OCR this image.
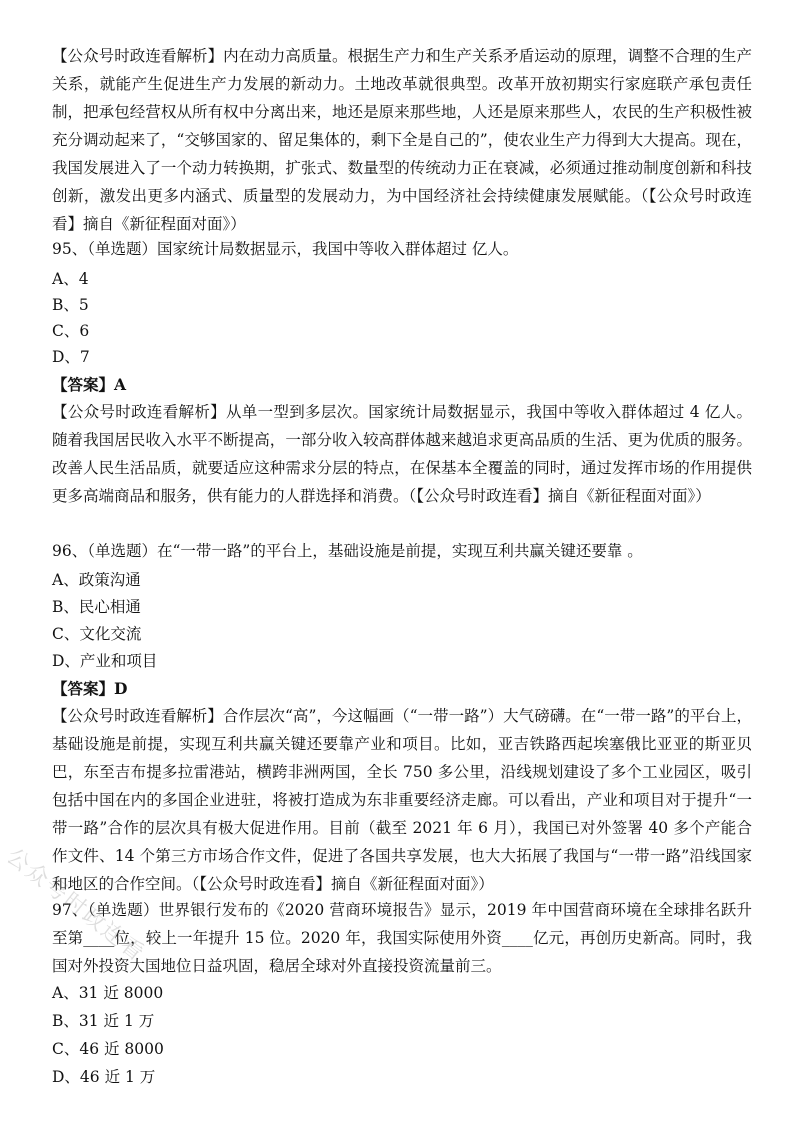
【公众号时政连看解析】内在动力高质量。根据生产力和生产关系矛盾运动的原理，调整不合理的生产关系，就能产生促进生产力发展的新动力。土地改革就很典型。改革开放初期实行家庭联产承包责任制，把承包经营权从所有权中分离出来，地还是原来那些地，人还是原来那些人，农民的生产积极性被充分调动起来了，“交够国家的、留足集体的，剩下全是自己的”，使农业生产力得到大大提高。现在，我国发展进入了一个动力转换期，扩张式、数量型的传统动力正在衰减，必须通过推动制度创新和科技创新，激发出更多内涵式、质量型的发展动力，为中国经济社会持续健康发展赋能。（【公众号时政连看】摘自《新征程面对面》）
95、（单选题）国家统计局数据显示，我国中等收入群体超过 亿人。
A、4
B、5
C、6
D、7
【答案】A
【公众号时政连看解析】从单一型到多层次。国家统计局数据显示，我国中等收入群体超过 4 亿人。随着我国居民收入水平不断提高，一部分收入较高群体越来越追求更高品质的生活、更为优质的服务。改善人民生活品质，就要适应这种需求分层的特点，在保基本全覆盖的同时，通过发挥市场的作用提供更多高端商品和服务，供有能力的人群选择和消费。（【公众号时政连看】摘自《新征程面对面》）
96、（单选题）在“一带一路”的平台上，基础设施是前提，实现互利共赢关键还要靠 。
A、政策沟通
B、民心相通
C、文化交流
D、产业和项目
【答案】D
【公众号时政连看解析】合作层次“高”，今这幅画（“一带一路”）大气磅礴。在“一带一路”的平台上，基础设施是前提，实现互利共赢关键还要靠产业和项目。比如，亚吉铁路西起埃塞俄比亚亚的斯亚贝巴，东至吉布提多拉雷港站，横跨非洲两国，全长 750 多公里，沿线规划建设了多个工业园区，吸引包括中国在内的多国企业进驻，将被打造成为东非重要经济走廊。可以看出，产业和项目对于提升“一带一路”合作的层次具有极大促进作用。目前（截至 2021 年 6 月），我国已对外签署 40 多个产能合作文件、14 个第三方市场合作文件，促进了各国共享发展，也大大拓展了我国与“一带一路”沿线国家和地区的合作空间。（【公众号时政连看】摘自《新征程面对面》）
97、（单选题）世界银行发布的《2020 营商环境报告》显示，2019 年中国营商环境在全球排名跃升至第____位，较上一年提升 15 位。2020 年，我国实际使用外资____亿元，再创历史新高。同时，我国对外投资大国地位日益巩固，稳居全球对外直接投资流量前三。
A、31 近 8000
B、31 近 1 万
C、46 近 8000
D、46 近 1 万
公众号时政连看
